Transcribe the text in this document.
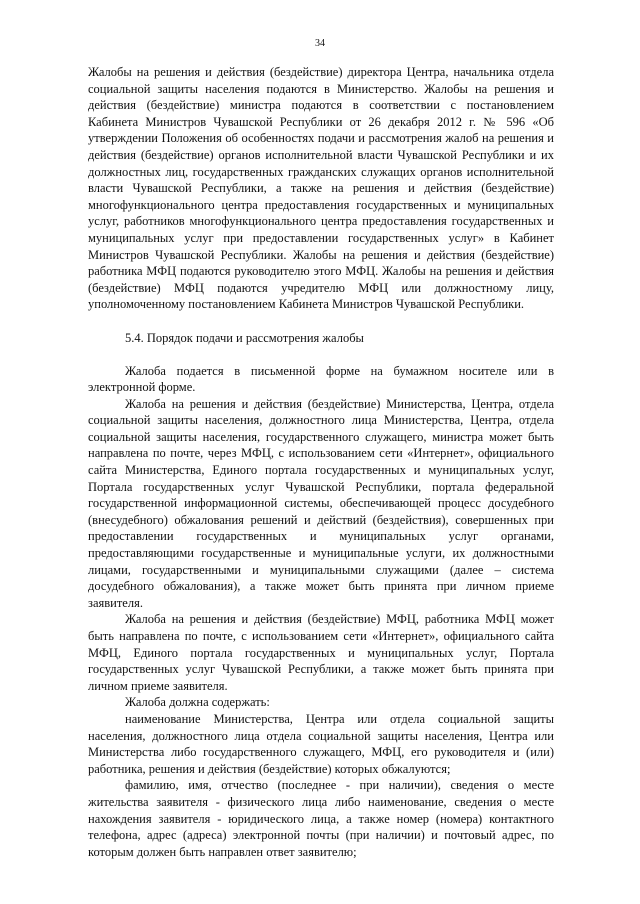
34

Жалобы на решения и действия (бездействие) директора Центра, начальника отдела социальной защиты населения подаются в Министерство. Жалобы на решения и действия (бездействие) министра подаются в соответствии с постановлением Кабинета Министров Чувашской Республики от 26 декабря 2012 г. № 596 «Об утверждении Положения об особенностях подачи и рассмотрения жалоб на решения и действия (бездействие) органов исполнительной власти Чувашской Республики и их должностных лиц, государственных гражданских служащих органов исполнительной власти Чувашской Республики, а также на решения и действия (бездействие) многофункционального центра предоставления государственных и муниципальных услуг, работников многофункционального центра предоставления государственных и муниципальных услуг при предоставлении государственных услуг» в Кабинет Министров Чувашской Республики. Жалобы на решения и действия (бездействие) работника МФЦ подаются руководителю этого МФЦ. Жалобы на решения и действия (бездействие) МФЦ подаются учредителю МФЦ или должностному лицу, уполномоченному постановлением Кабинета Министров Чувашской Республики.

5.4. Порядок подачи и рассмотрения жалобы

Жалоба подается в письменной форме на бумажном носителе или в электронной форме.

Жалоба на решения и действия (бездействие) Министерства, Центра, отдела социальной защиты населения, должностного лица Министерства, Центра, отдела социальной защиты населения, государственного служащего, министра может быть направлена по почте, через МФЦ, с использованием сети «Интернет», официального сайта Министерства, Единого портала государственных и муниципальных услуг, Портала государственных услуг Чувашской Республики, портала федеральной государственной информационной системы, обеспечивающей процесс досудебного (внесудебного) обжалования решений и действий (бездействия), совершенных при предоставлении государственных и муниципальных услуг органами, предоставляющими государственные и муниципальные услуги, их должностными лицами, государственными и муниципальными служащими (далее – система досудебного обжалования), а также может быть принята при личном приеме заявителя.

Жалоба на решения и действия (бездействие) МФЦ, работника МФЦ может быть направлена по почте, с использованием сети «Интернет», официального сайта МФЦ, Единого портала государственных и муниципальных услуг, Портала государственных услуг Чувашской Республики, а также может быть принята при личном приеме заявителя.

Жалоба должна содержать:

наименование Министерства, Центра или отдела социальной защиты населения, должностного лица отдела социальной защиты населения, Центра или Министерства либо государственного служащего, МФЦ, его руководителя и (или) работника, решения и действия (бездействие) которых обжалуются;

фамилию, имя, отчество (последнее - при наличии), сведения о месте жительства заявителя - физического лица либо наименование, сведения о месте нахождения заявителя - юридического лица, а также номер (номера) контактного телефона, адрес (адреса) электронной почты (при наличии) и почтовый адрес, по которым должен быть направлен ответ заявителю;
